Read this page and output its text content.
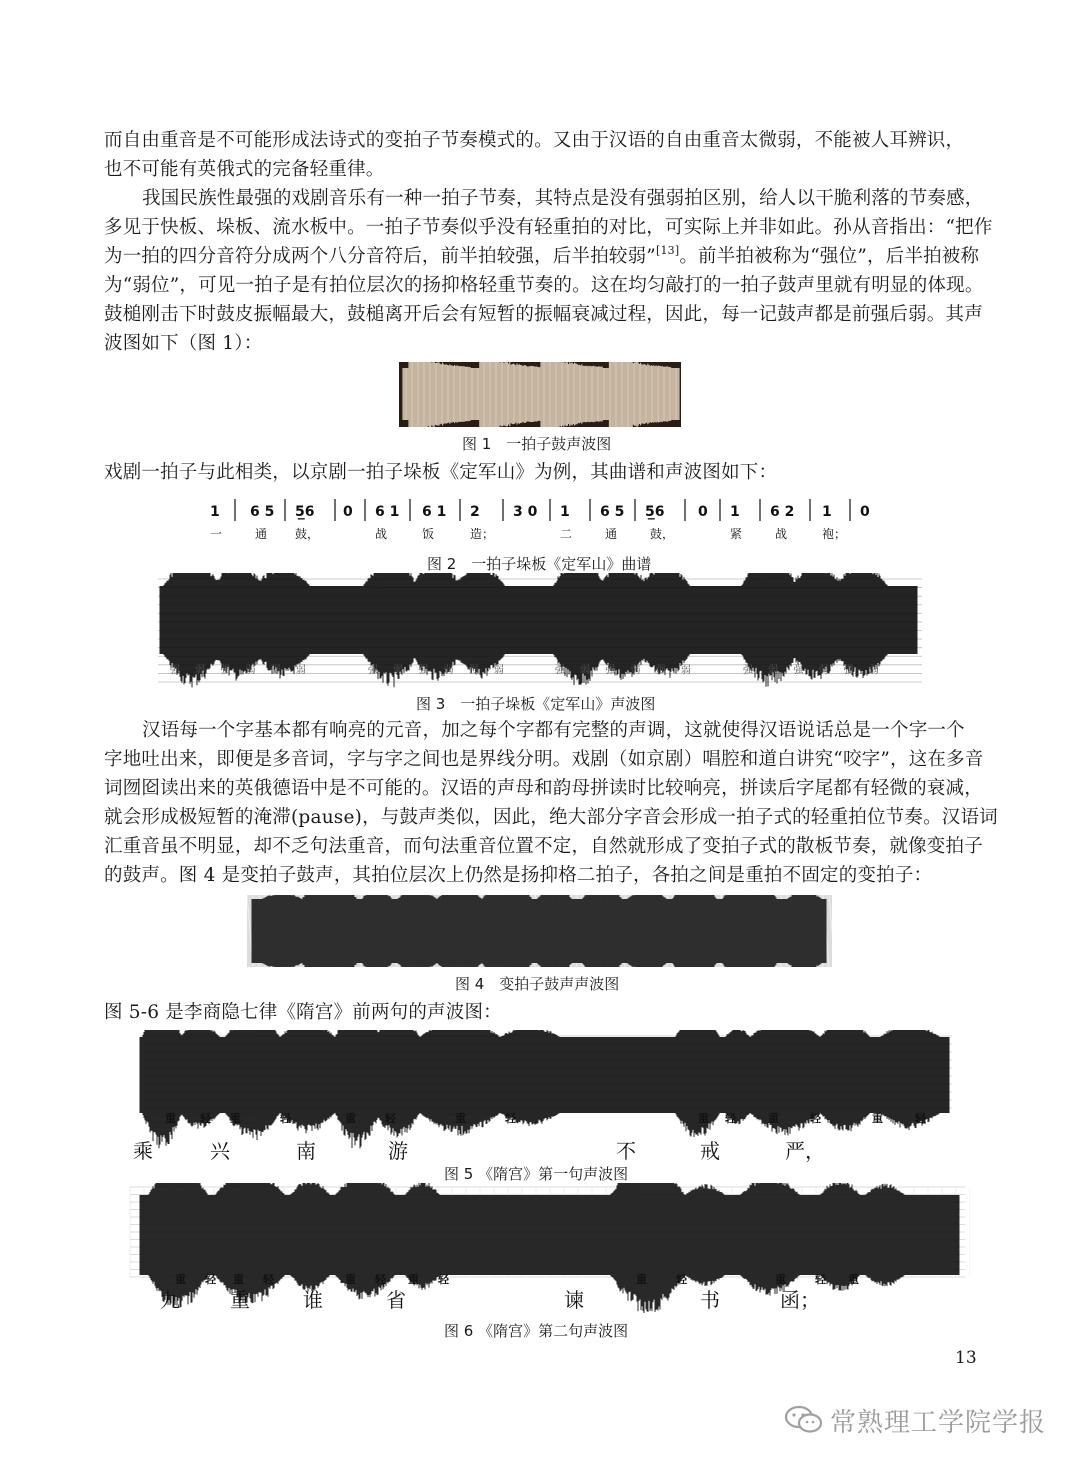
而自由重音是不可能形成法诗式的变拍子节奏模式的。又由于汉语的自由重音太微弱，不能被人耳辨识，
也不可能有英俄式的完备轻重律。
我国民族性最强的戏剧音乐有一种一拍子节奏，其特点是没有强弱拍区别，给人以干脆利落的节奏感，
多见于快板、垛板、流水板中。一拍子节奏似乎没有轻重拍的对比，可实际上并非如此。孙从音指出：“把作
为一拍的四分音符分成两个八分音符后，前半拍较强，后半拍较弱”[13]。前半拍被称为“强位”，后半拍被称
为“弱位”，可见一拍子是有拍位层次的扬抑格轻重节奏的。这在均匀敲打的一拍子鼓声里就有明显的体现。
鼓槌刚击下时鼓皮振幅最大，鼓槌离开后会有短暂的振幅衰减过程，因此，每一记鼓声都是前强后弱。其声
波图如下（图 1）：
图 1　一拍子鼓声波图
戏剧一拍子与此相类，以京剧一拍子垛板《定军山》为例，其曲谱和声波图如下：
1 6 5 5̲6 0 6 1 6 1 2 3 0 1 6 5 5̲6 0 1 6 2 1 0
一	通 鼓，	战	饭	造；	二	通	鼓，	紧	战	袍；
图 2　一拍子垛板《定军山》曲谱
强 弱 强 弱 强 弱	强 弱 强 弱 强 弱	强 弱 强 弱 强 弱	强 弱 强 弱 强 弱
图 3　一拍子垛板《定军山》声波图
汉语每一个字基本都有响亮的元音，加之每个字都有完整的声调，这就使得汉语说话总是一个字一个
字地吐出来，即便是多音词，字与字之间也是界线分明。戏剧（如京剧）唱腔和道白讲究“咬字”，这在多音
词囫囵读出来的英俄德语中是不可能的。汉语的声母和韵母拼读时比较响亮，拼读后字尾都有轻微的衰减，
就会形成极短暂的淹滞(pause)，与鼓声类似，因此，绝大部分字音会形成一拍子式的轻重拍位节奏。汉语词
汇重音虽不明显，却不乏句法重音，而句法重音位置不定，自然就形成了变拍子式的散板节奏，就像变拍子
的鼓声。图 4 是变拍子鼓声，其拍位层次上仍然是扬抑格二拍子，各拍之间是重拍不固定的变拍子：
图 4　变拍子鼓声声波图
图 5-6 是李商隐七律《隋宫》前两句的声波图：
重 轻 重	轻	重	轻	重	轻	重 轻	重	轻	重	轻
乘	兴	南	游	不	戒	严，
图 5 《隋宫》第一句声波图
重 轻 重 轻	重 轻 重 轻	重	轻	重	轻 重
九	重	谁	省	谏	书	函；
图 6 《隋宫》第二句声波图
13
常熟理工学院学报
